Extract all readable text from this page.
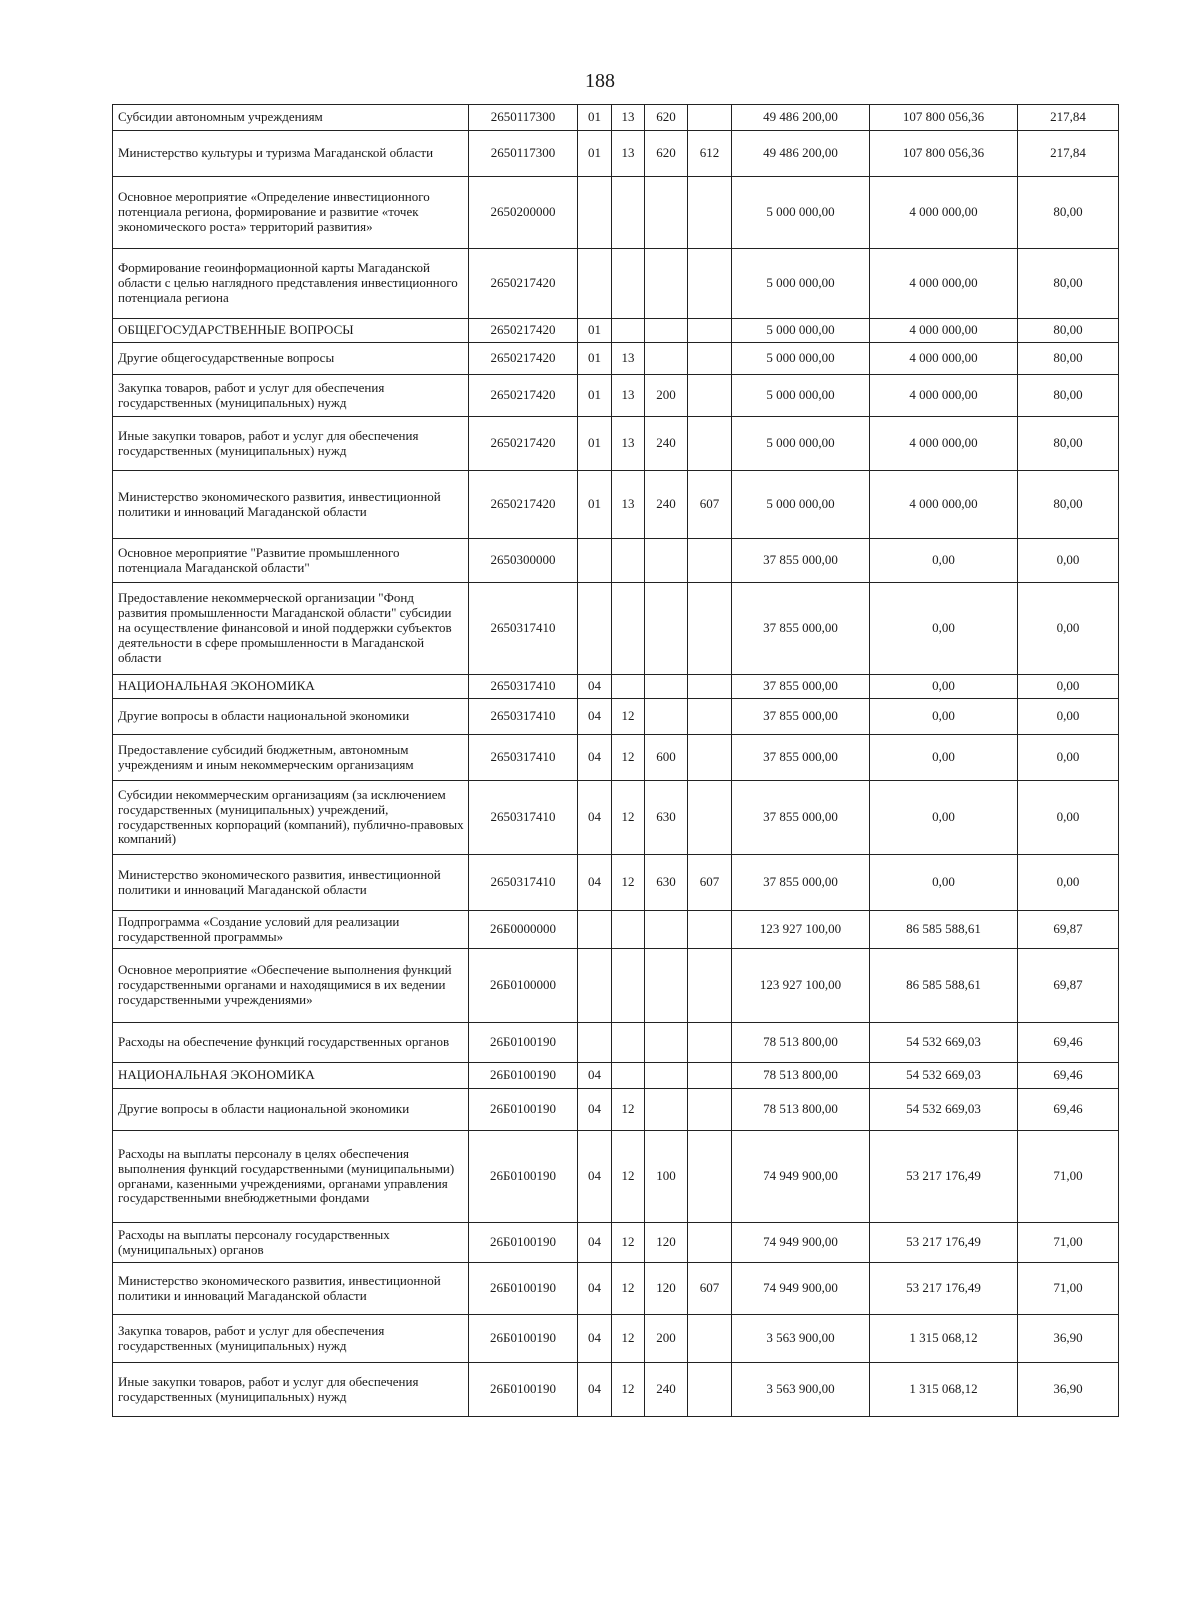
188
Субсидии автономным учреждениям	2650117300	01	13	620		49 486 200,00	107 800 056,36	217,84
Министерство культуры и туризма Магаданской области	2650117300	01	13	620	612	49 486 200,00	107 800 056,36	217,84
Основное мероприятие «Определение инвестиционного потенциала региона, формирование и развитие «точек экономического роста» территорий развития»	2650200000					5 000 000,00	4 000 000,00	80,00
Формирование геоинформационной карты Магаданской области с целью наглядного представления инвестиционного потенциала региона	2650217420					5 000 000,00	4 000 000,00	80,00
ОБЩЕГОСУДАРСТВЕННЫЕ ВОПРОСЫ	2650217420	01				5 000 000,00	4 000 000,00	80,00
Другие общегосударственные вопросы	2650217420	01	13			5 000 000,00	4 000 000,00	80,00
Закупка товаров, работ и услуг для обеспечения государственных (муниципальных) нужд	2650217420	01	13	200		5 000 000,00	4 000 000,00	80,00
Иные закупки товаров, работ и услуг для обеспечения государственных (муниципальных) нужд	2650217420	01	13	240		5 000 000,00	4 000 000,00	80,00
Министерство экономического развития, инвестиционной политики и инноваций Магаданской области	2650217420	01	13	240	607	5 000 000,00	4 000 000,00	80,00
Основное мероприятие "Развитие промышленного потенциала Магаданской области"	2650300000					37 855 000,00	0,00	0,00
Предоставление некоммерческой организации "Фонд развития промышленности Магаданской области" субсидии на осуществление финансовой и иной поддержки субъектов деятельности в сфере промышленности в Магаданской области	2650317410					37 855 000,00	0,00	0,00
НАЦИОНАЛЬНАЯ ЭКОНОМИКА	2650317410	04				37 855 000,00	0,00	0,00
Другие вопросы в области национальной экономики	2650317410	04	12			37 855 000,00	0,00	0,00
Предоставление субсидий бюджетным, автономным учреждениям и иным некоммерческим организациям	2650317410	04	12	600		37 855 000,00	0,00	0,00
Субсидии некоммерческим организациям (за исключением государственных (муниципальных) учреждений, государственных корпораций (компаний), публично-правовых компаний)	2650317410	04	12	630		37 855 000,00	0,00	0,00
Министерство экономического развития, инвестиционной политики и инноваций Магаданской области	2650317410	04	12	630	607	37 855 000,00	0,00	0,00
Подпрограмма «Создание условий для реализации государственной программы»	26Б0000000					123 927 100,00	86 585 588,61	69,87
Основное мероприятие «Обеспечение выполнения функций государственными органами и находящимися в их ведении государственными учреждениями»	26Б0100000					123 927 100,00	86 585 588,61	69,87
Расходы на обеспечение функций государственных органов	26Б0100190					78 513 800,00	54 532 669,03	69,46
НАЦИОНАЛЬНАЯ ЭКОНОМИКА	26Б0100190	04				78 513 800,00	54 532 669,03	69,46
Другие вопросы в области национальной экономики	26Б0100190	04	12			78 513 800,00	54 532 669,03	69,46
Расходы на выплаты персоналу в целях обеспечения выполнения функций государственными (муниципальными) органами, казенными учреждениями, органами управления государственными внебюджетными фондами	26Б0100190	04	12	100		74 949 900,00	53 217 176,49	71,00
Расходы на выплаты персоналу государственных (муниципальных) органов	26Б0100190	04	12	120		74 949 900,00	53 217 176,49	71,00
Министерство экономического развития, инвестиционной политики и инноваций Магаданской области	26Б0100190	04	12	120	607	74 949 900,00	53 217 176,49	71,00
Закупка товаров, работ и услуг для обеспечения государственных (муниципальных) нужд	26Б0100190	04	12	200		3 563 900,00	1 315 068,12	36,90
Иные закупки товаров, работ и услуг для обеспечения государственных (муниципальных) нужд	26Б0100190	04	12	240		3 563 900,00	1 315 068,12	36,90
